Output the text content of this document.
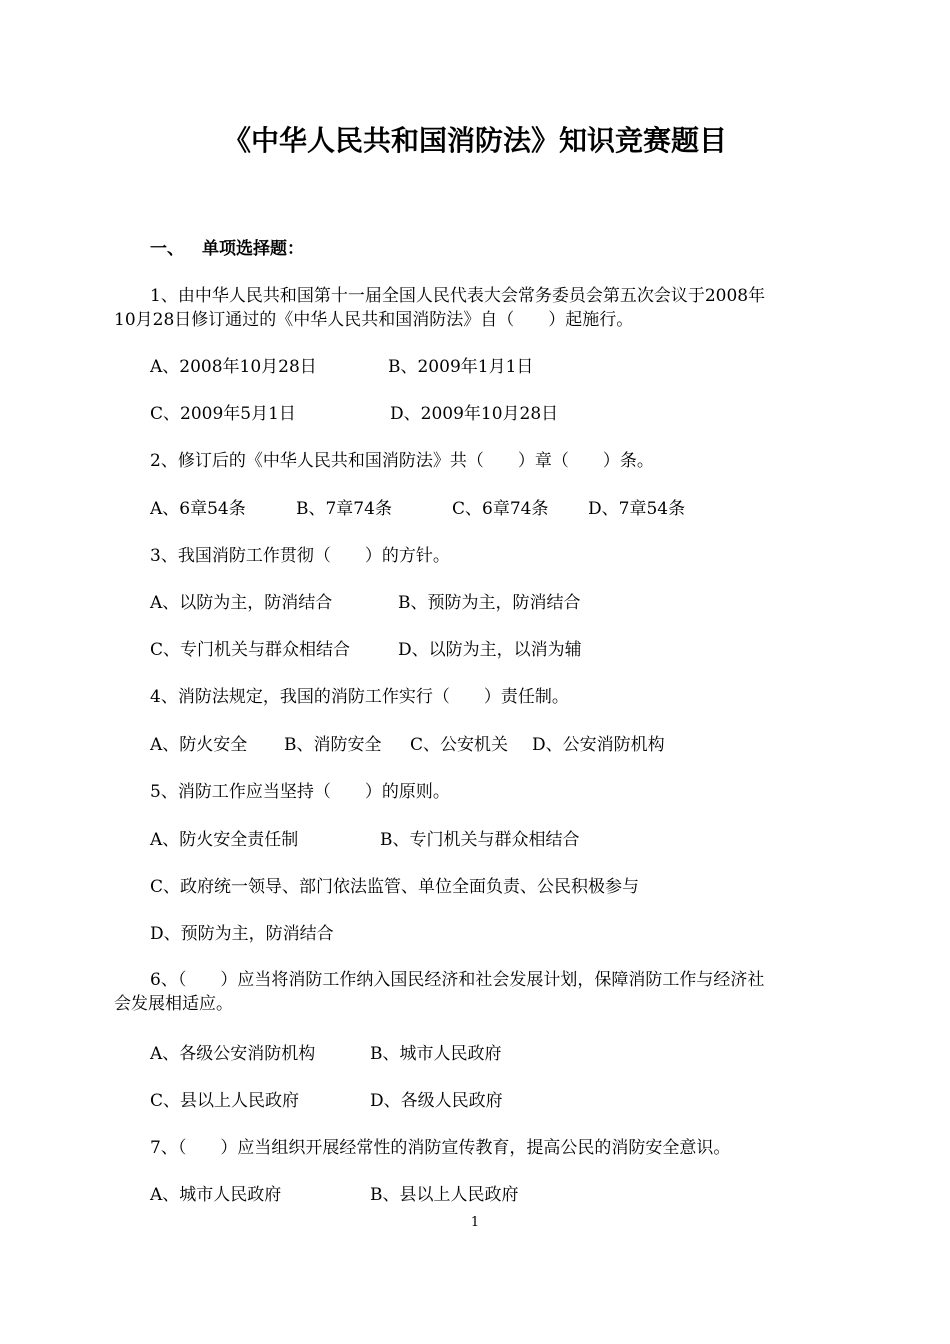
《中华人民共和国消防法》知识竞赛题目
一、 单项选择题：
1、由中华人民共和国第十一届全国人民代表大会常务委员会第五次会议于2008年
10月28日修订通过的《中华人民共和国消防法》自（　　）起施行。
A、2008年10月28日	B、2009年1月1日
C、2009年5月1日	D、2009年10月28日
2、修订后的《中华人民共和国消防法》共（　　）章（　　）条。
A、6章54条	B、7章74条	C、6章74条 D、7章54条
3、我国消防工作贯彻（　　）的方针。
A、以防为主，防消结合	B、预防为主，防消结合
C、专门机关与群众相结合	D、以防为主，以消为辅
4、消防法规定，我国的消防工作实行（　　）责任制。
A、防火安全 B、消防安全 C、公安机关 D、公安消防机构
5、消防工作应当坚持（　　）的原则。
A、防火安全责任制	B、专门机关与群众相结合
C、政府统一领导、部门依法监管、单位全面负责、公民积极参与
D、预防为主，防消结合
6、（　　）应当将消防工作纳入国民经济和社会发展计划，保障消防工作与经济社
会发展相适应。
A、各级公安消防机构	B、城市人民政府
C、县以上人民政府	D、各级人民政府
7、（　　）应当组织开展经常性的消防宣传教育，提高公民的消防安全意识。
A、城市人民政府	B、县以上人民政府
1
